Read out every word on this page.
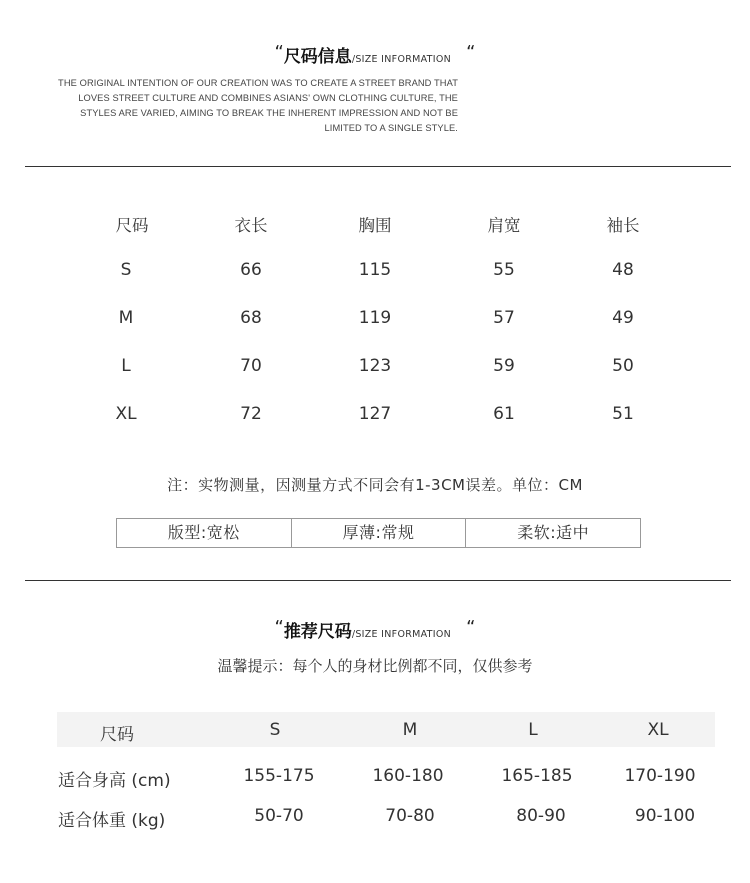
“尺码信息/SIZE INFORMATION “
THE ORIGINAL INTENTION OF OUR CREATION WAS TO CREATE A STREET BRAND THAT
LOVES STREET CULTURE AND COMBINES ASIANS' OWN CLOTHING CULTURE, THE
STYLES ARE VARIED, AIMING TO BREAK THE INHERENT IMPRESSION AND NOT BE
LIMITED TO A SINGLE STYLE.
尺码	衣长	胸围	肩宽	袖长
S	66	115	55	48
M	68	119	57	49
L	70	123	59	50
XL	72	127	61	51
注：实物测量，因测量方式不同会有1-3CM误差。单位：CM
版型:宽松	厚薄:常规	柔软:适中
“推荐尺码/SIZE INFORMATION “
温馨提示：每个人的身材比例都不同，仅供参考
尺码	S	M	L	XL
适合身高 (cm)	155-175	160-180	165-185	170-190
适合体重 (kg)	50-70	70-80	80-90	90-100
